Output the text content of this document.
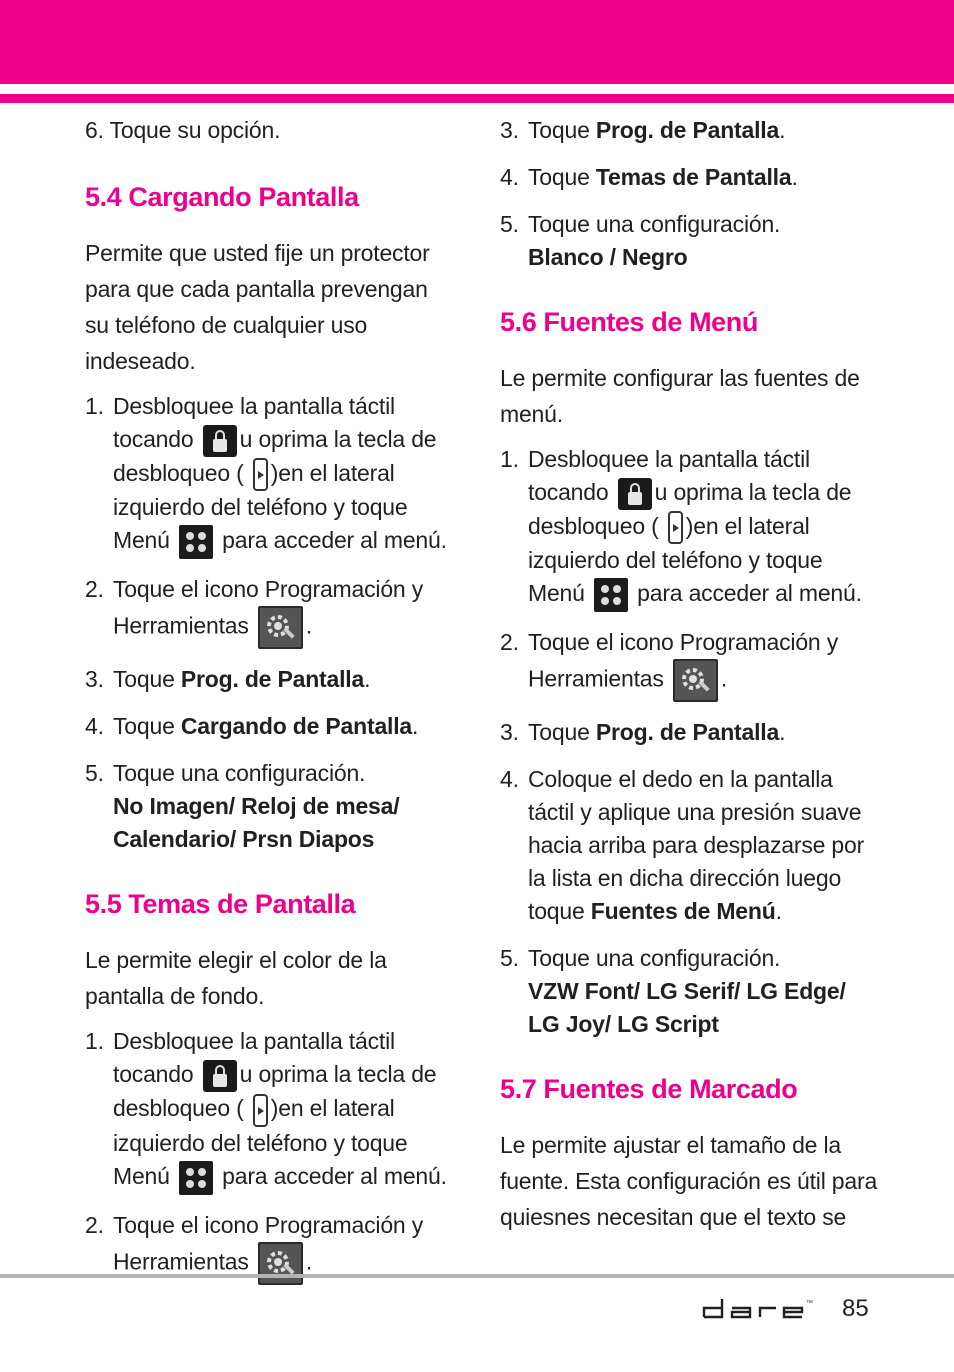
6. Toque su opción.
5.4 Cargando Pantalla
Permite que usted fije un protector para que cada pantalla prevengan su teléfono de cualquier uso indeseado.
1. Desbloquee la pantalla táctil tocando u oprima la tecla de desbloqueo ( )en el lateral izquierdo del teléfono y toque Menú para acceder al menú.
2. Toque el icono Programación y Herramientas .
3. Toque Prog. de Pantalla.
4. Toque Cargando de Pantalla.
5. Toque una configuración.
No Imagen/ Reloj de mesa/ Calendario/ Prsn Diapos
5.5 Temas de Pantalla
Le permite elegir el color de la pantalla de fondo.
1. Desbloquee la pantalla táctil tocando u oprima la tecla de desbloqueo ( )en el lateral izquierdo del teléfono y toque Menú para acceder al menú.
2. Toque el icono Programación y Herramientas .
3. Toque Prog. de Pantalla.
4. Toque Temas de Pantalla.
5. Toque una configuración.
Blanco / Negro
5.6 Fuentes de Menú
Le permite configurar las fuentes de menú.
1. Desbloquee la pantalla táctil tocando u oprima la tecla de desbloqueo ( )en el lateral izquierdo del teléfono y toque Menú para acceder al menú.
2. Toque el icono Programación y Herramientas .
3. Toque Prog. de Pantalla.
4. Coloque el dedo en la pantalla táctil y aplique una presión suave hacia arriba para desplazarse por la lista en dicha dirección luego toque Fuentes de Menú.
5. Toque una configuración.
VZW Font/ LG Serif/ LG Edge/ LG Joy/ LG Script
5.7 Fuentes de Marcado
Le permite ajustar el tamaño de la fuente. Esta configuración es útil para quiesnes necesitan que el texto se
™ 85
